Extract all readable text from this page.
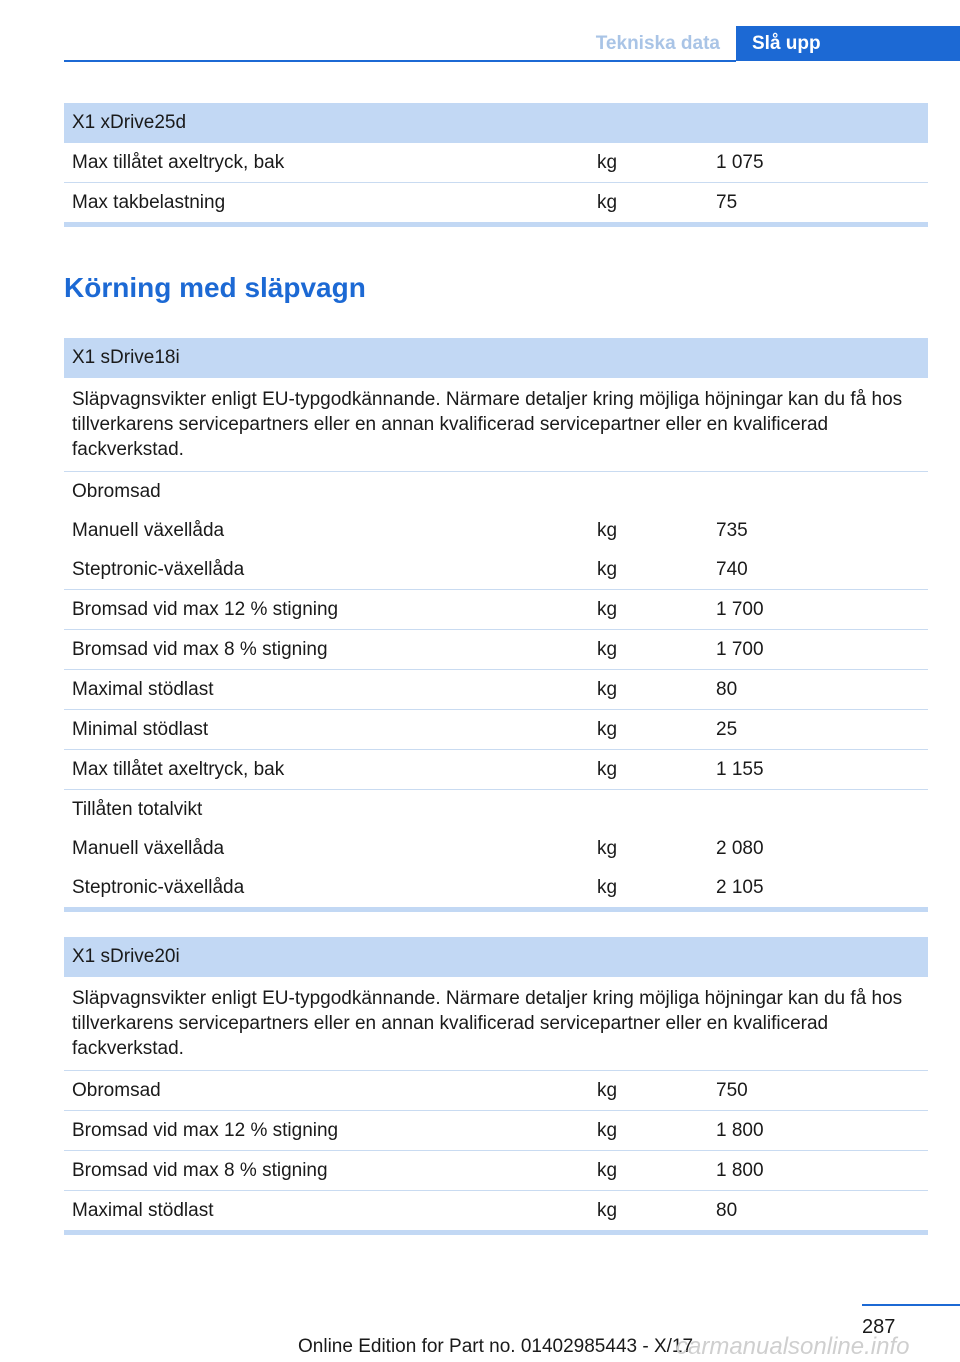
Tekniska data	Slå upp
X1 xDrive25d		
Max tillåtet axeltryck, bak	kg	1 075
Max takbelastning	kg	75
Körning med släpvagn
X1 sDrive18i		
Släpvagnsvikter enligt EU-typgodkännande. Närmare detaljer kring möjliga höjningar kan du få hos tillverkarens servicepartners eller en annan kvalificerad servicepartner eller en kvalificerad fackverkstad.		
Obromsad		
Manuell växellåda	kg	735
Steptronic-växellåda	kg	740
Bromsad vid max 12 % stigning	kg	1 700
Bromsad vid max 8 % stigning	kg	1 700
Maximal stödlast	kg	80
Minimal stödlast	kg	25
Max tillåtet axeltryck, bak	kg	1 155
Tillåten totalvikt		
Manuell växellåda	kg	2 080
Steptronic-växellåda	kg	2 105
X1 sDrive20i		
Släpvagnsvikter enligt EU-typgodkännande. Närmare detaljer kring möjliga höjningar kan du få hos tillverkarens servicepartners eller en annan kvalificerad servicepartner eller en kvalificerad fackverkstad.		
Obromsad	kg	750
Bromsad vid max 12 % stigning	kg	1 800
Bromsad vid max 8 % stigning	kg	1 800
Maximal stödlast	kg	80
287
Online Edition for Part no. 01402985443 - X/17
carmanualsonline.info
